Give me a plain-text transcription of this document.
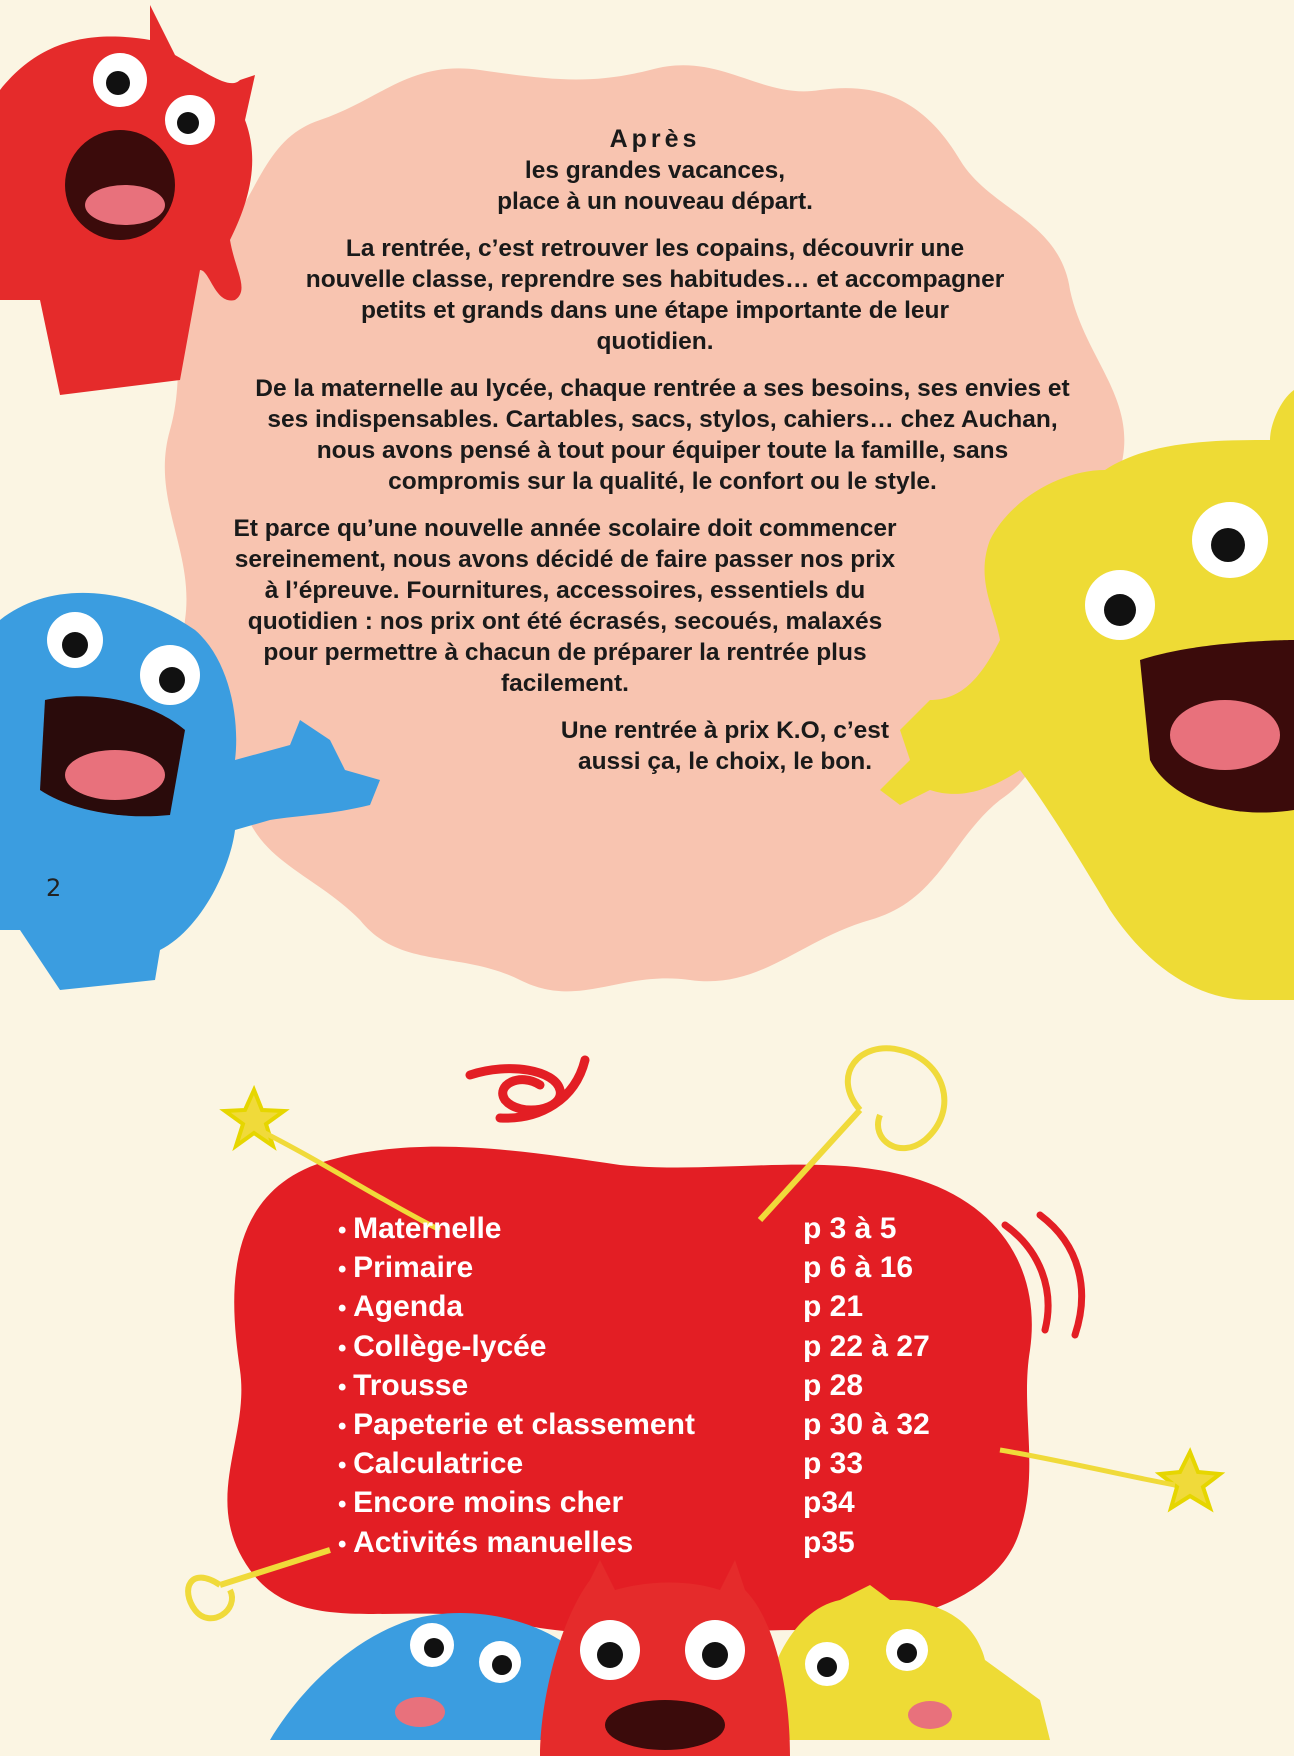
Après
les grandes vacances,
place à un nouveau départ.

La rentrée, c’est retrouver les copains, découvrir une nouvelle classe, reprendre ses habitudes… et accompagner petits et grands dans une étape importante de leur quotidien.

De la maternelle au lycée, chaque rentrée a ses besoins, ses envies et ses indispensables. Cartables, sacs, stylos, cahiers… chez Auchan, nous avons pensé à tout pour équiper toute la famille, sans compromis sur la qualité, le confort ou le style.

Et parce qu’une nouvelle année scolaire doit commencer sereinement, nous avons décidé de faire passer nos prix à l’épreuve. Fournitures, accessoires, essentiels du quotidien : nos prix ont été écrasés, secoués, malaxés pour permettre à chacun de préparer la rentrée plus facilement.

Une rentrée à prix K.O, c’est
aussi ça, le choix, le bon.

2
• Maternelle	p 3 à 5
• Primaire	p 6 à 16
• Agenda	p 21
• Collège-lycée	p 22 à 27
• Trousse	p 28
• Papeterie et classement	p 30 à 32
• Calculatrice	p 33
• Encore moins cher	p34
• Activités manuelles	p35
